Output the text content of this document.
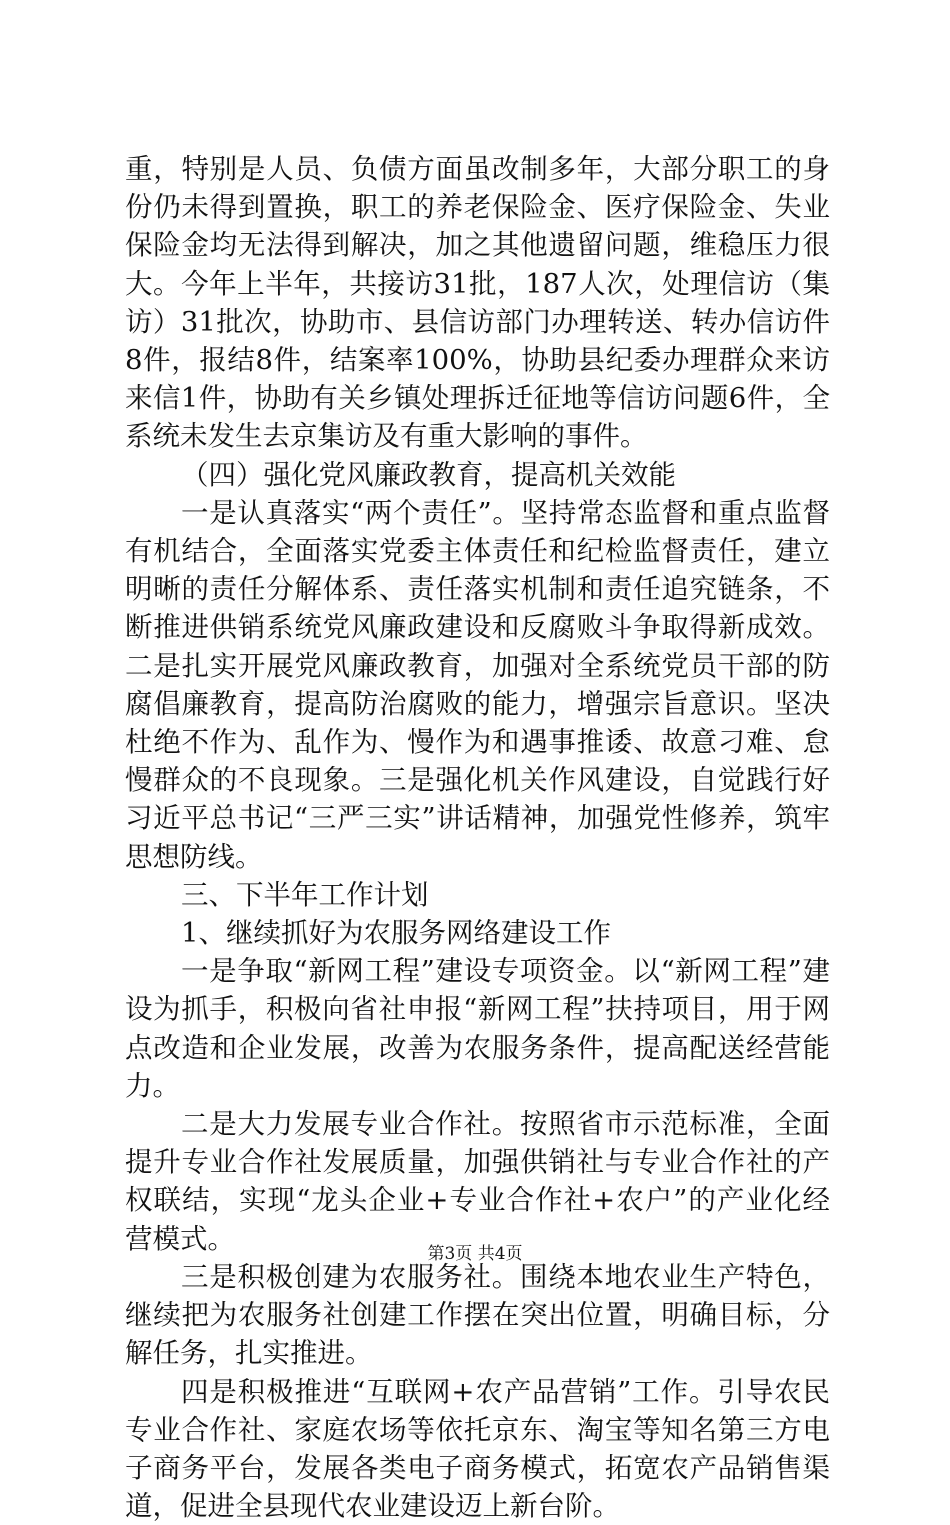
重，特别是人员、负债方面虽改制多年，大部分职工的身份仍未得到置换，职工的养老保险金、医疗保险金、失业保险金均无法得到解决，加之其他遗留问题，维稳压力很大。今年上半年，共接访31批，187人次，处理信访（集访）31批次，协助市、县信访部门办理转送、转办信访件8件，报结8件，结案率100%，协助县纪委办理群众来访来信1件，协助有关乡镇处理拆迁征地等信访问题6件，全系统未发生去京集访及有重大影响的事件。

（四）强化党风廉政教育，提高机关效能

一是认真落实“两个责任”。坚持常态监督和重点监督有机结合，全面落实党委主体责任和纪检监督责任，建立明晰的责任分解体系、责任落实机制和责任追究链条，不断推进供销系统党风廉政建设和反腐败斗争取得新成效。二是扎实开展党风廉政教育，加强对全系统党员干部的防腐倡廉教育，提高防治腐败的能力，增强宗旨意识。坚决杜绝不作为、乱作为、慢作为和遇事推诿、故意刁难、怠慢群众的不良现象。三是强化机关作风建设，自觉践行好习近平总书记“三严三实”讲话精神，加强党性修养，筑牢思想防线。

三、下半年工作计划

1、继续抓好为农服务网络建设工作

一是争取“新网工程”建设专项资金。以“新网工程”建设为抓手，积极向省社申报“新网工程”扶持项目，用于网点改造和企业发展，改善为农服务条件，提高配送经营能力。

二是大力发展专业合作社。按照省市示范标准，全面提升专业合作社发展质量，加强供销社与专业合作社的产权联结，实现“龙头企业+专业合作社+农户”的产业化经营模式。

三是积极创建为农服务社。围绕本地农业生产特色，继续把为农服务社创建工作摆在突出位置，明确目标，分解任务，扎实推进。

四是积极推进“互联网+农产品营销”工作。引导农民专业合作社、家庭农场等依托京东、淘宝等知名第三方电子商务平台，发展各类电子商务模式，拓宽农产品销售渠道，促进全县现代农业建设迈上新台阶。

第3页 共4页
